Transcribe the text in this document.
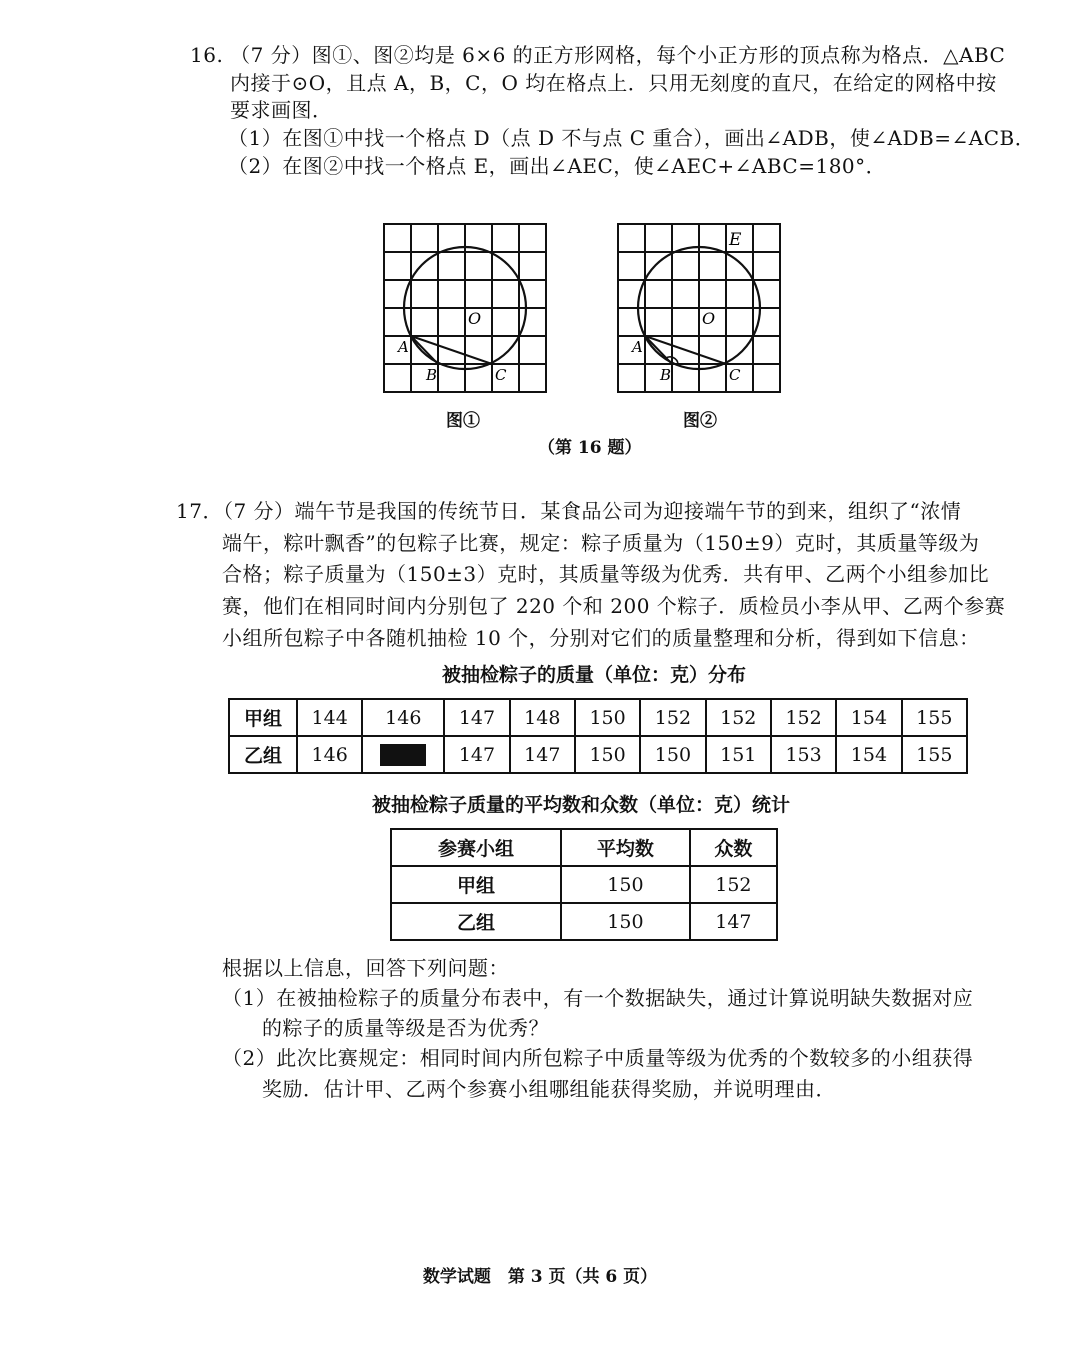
16. （7 分）图①、图②均是 6×6 的正方形网格，每个小正方形的顶点称为格点．△ABC
内接于⊙O，且点 A，B，C，O 均在格点上．只用无刻度的直尺，在给定的网格中按
要求画图．
（1）在图①中找一个格点 D（点 D 不与点 C 重合），画出∠ADB，使∠ADB=∠ACB．
（2）在图②中找一个格点 E，画出∠AEC，使∠AEC+∠ABC=180°．
O
A
B	C
O
A
B	C
E
图①	图②
（第 16 题）
17．（7 分）端午节是我国的传统节日．某食品公司为迎接端午节的到来，组织了“浓情
端午，粽叶飘香”的包粽子比赛，规定：粽子质量为（150±9）克时，其质量等级为
合格；粽子质量为（150±3）克时，其质量等级为优秀．共有甲、乙两个小组参加比
赛，他们在相同时间内分别包了 220 个和 200 个粽子．质检员小李从甲、乙两个参赛
小组所包粽子中各随机抽检 10 个，分别对它们的质量整理和分析，得到如下信息：
被抽检粽子的质量（单位：克）分布
甲组	144	146	147	148	150	152	152	152	154	155
乙组	146		147	147	150	150	151	153	154	155
被抽检粽子质量的平均数和众数（单位：克）统计
参赛小组	平均数	众数
甲组	150	152
乙组	150	147
根据以上信息，回答下列问题：
（1）在被抽检粽子的质量分布表中，有一个数据缺失，通过计算说明缺失数据对应
的粽子的质量等级是否为优秀？
（2）此次比赛规定：相同时间内所包粽子中质量等级为优秀的个数较多的小组获得
奖励．估计甲、乙两个参赛小组哪组能获得奖励，并说明理由．
数学试题　第 3 页（共 6 页）
